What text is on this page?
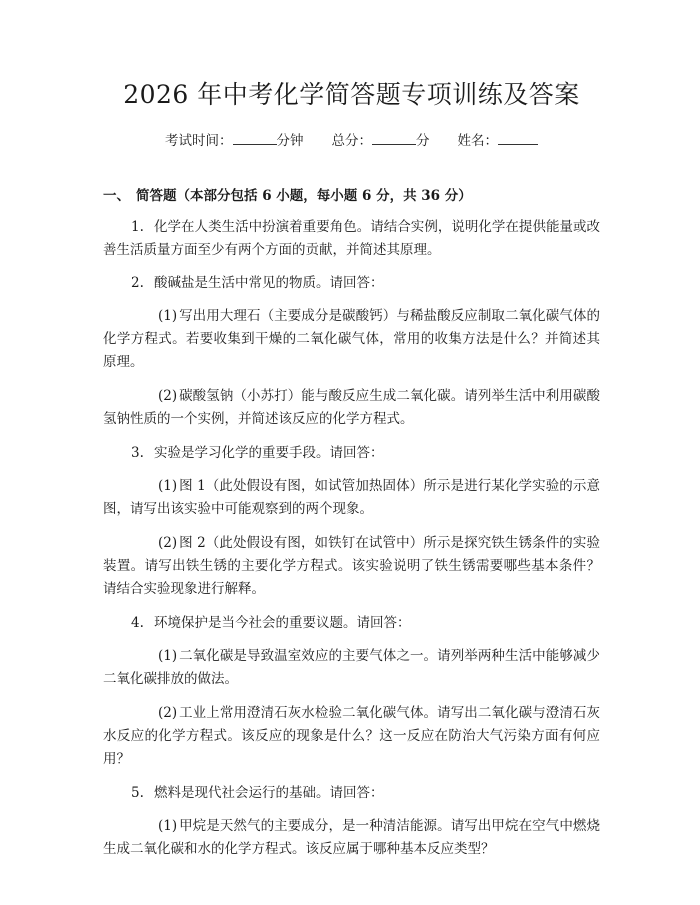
2026 年中考化学简答题专项训练及答案
考试时间：	分钟 总分：	分 姓名：
一、 简答题（本部分包括 6 小题，每小题 6 分，共 36 分）

1. 化学在人类生活中扮演着重要角色。请结合实例，说明化学在提供能量或改善生活质量方面至少有两个方面的贡献，并简述其原理。

2. 酸碱盐是生活中常见的物质。请回答：

(1) 写出用大理石（主要成分是碳酸钙）与稀盐酸反应制取二氧化碳气体的化学方程式。若要收集到干燥的二氧化碳气体，常用的收集方法是什么？并简述其原理。

(2) 碳酸氢钠（小苏打）能与酸反应生成二氧化碳。请列举生活中利用碳酸氢钠性质的一个实例，并简述该反应的化学方程式。

3. 实验是学习化学的重要手段。请回答：

(1) 图 1（此处假设有图，如试管加热固体）所示是进行某化学实验的示意图，请写出该实验中可能观察到的两个现象。

(2) 图 2（此处假设有图，如铁钉在试管中）所示是探究铁生锈条件的实验装置。请写出铁生锈的主要化学方程式。该实验说明了铁生锈需要哪些基本条件？请结合实验现象进行解释。

4. 环境保护是当今社会的重要议题。请回答：

(1) 二氧化碳是导致温室效应的主要气体之一。请列举两种生活中能够减少二氧化碳排放的做法。

(2) 工业上常用澄清石灰水检验二氧化碳气体。请写出二氧化碳与澄清石灰水反应的化学方程式。该反应的现象是什么？这一反应在防治大气污染方面有何应用？

5. 燃料是现代社会运行的基础。请回答：

(1) 甲烷是天然气的主要成分，是一种清洁能源。请写出甲烷在空气中燃烧生成二氧化碳和水的化学方程式。该反应属于哪种基本反应类型？
